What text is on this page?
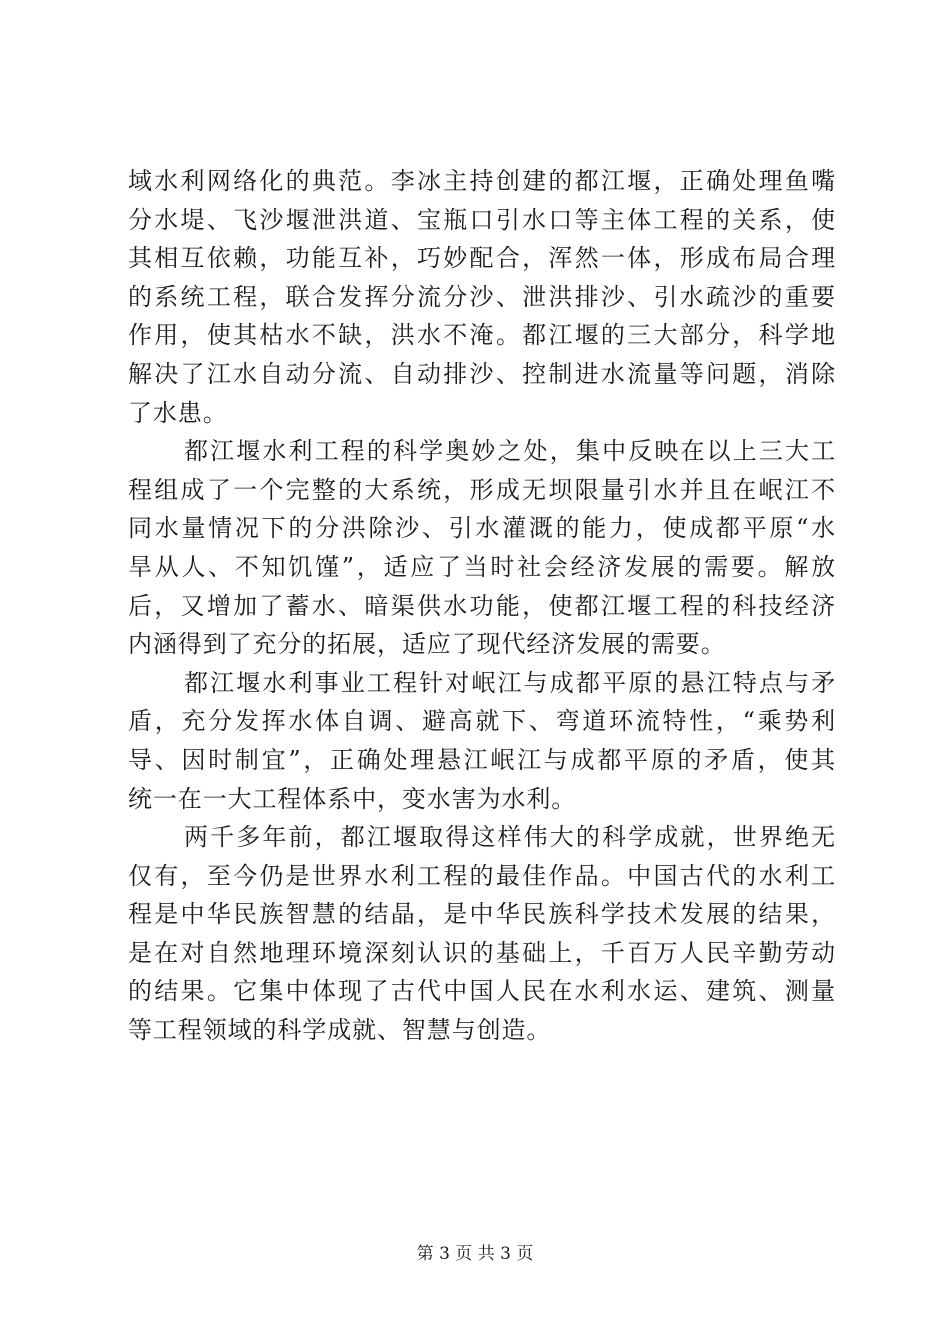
域水利网络化的典范。李冰主持创建的都江堰，正确处理鱼嘴
分水堤、飞沙堰泄洪道、宝瓶口引水口等主体工程的关系，使
其相互依赖，功能互补，巧妙配合，浑然一体，形成布局合理
的系统工程，联合发挥分流分沙、泄洪排沙、引水疏沙的重要
作用，使其枯水不缺，洪水不淹。都江堰的三大部分，科学地
解决了江水自动分流、自动排沙、控制进水流量等问题，消除
了水患。
都江堰水利工程的科学奥妙之处，集中反映在以上三大工
程组成了一个完整的大系统，形成无坝限量引水并且在岷江不
同水量情况下的分洪除沙、引水灌溉的能力，使成都平原“水
旱从人、不知饥馑”，适应了当时社会经济发展的需要。解放
后，又增加了蓄水、暗渠供水功能，使都江堰工程的科技经济
内涵得到了充分的拓展，适应了现代经济发展的需要。
都江堰水利事业工程针对岷江与成都平原的悬江特点与矛
盾，充分发挥水体自调、避高就下、弯道环流特性，“乘势利
导、因时制宜”，正确处理悬江岷江与成都平原的矛盾，使其
统一在一大工程体系中，变水害为水利。
两千多年前，都江堰取得这样伟大的科学成就，世界绝无
仅有，至今仍是世界水利工程的最佳作品。中国古代的水利工
程是中华民族智慧的结晶，是中华民族科学技术发展的结果，
是在对自然地理环境深刻认识的基础上，千百万人民辛勤劳动
的结果。它集中体现了古代中国人民在水利水运、建筑、测量
等工程领域的科学成就、智慧与创造。
第 3 页 共 3 页
